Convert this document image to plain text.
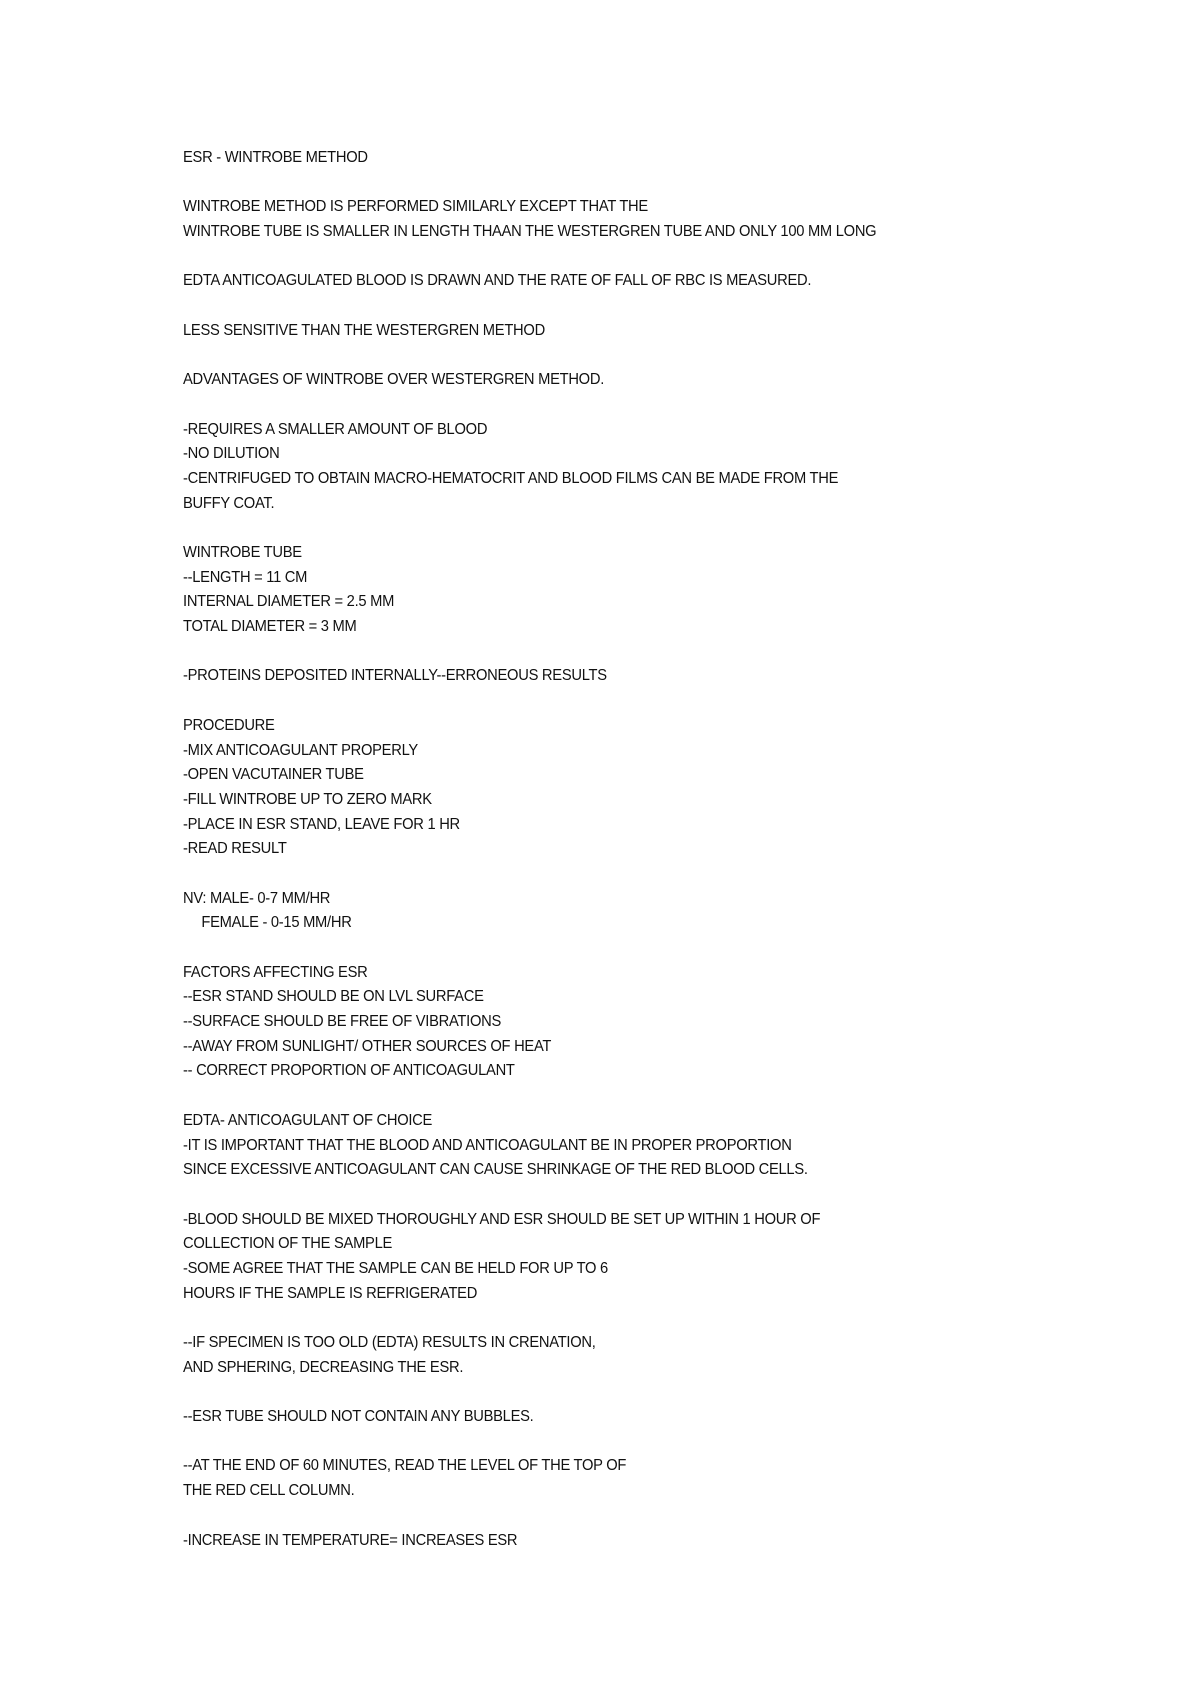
ESR - WINTROBE METHOD
WINTROBE METHOD IS PERFORMED SIMILARLY EXCEPT THAT THE
WINTROBE TUBE IS SMALLER IN LENGTH THAAN THE WESTERGREN TUBE AND ONLY 100 MM LONG
EDTA ANTICOAGULATED BLOOD IS DRAWN AND THE RATE OF FALL OF RBC IS MEASURED.
LESS SENSITIVE THAN THE WESTERGREN METHOD
ADVANTAGES OF WINTROBE OVER WESTERGREN METHOD.
-REQUIRES A SMALLER AMOUNT OF BLOOD
-NO DILUTION
-CENTRIFUGED TO OBTAIN MACRO-HEMATOCRIT AND BLOOD FILMS CAN BE MADE FROM THE
BUFFY COAT.
WINTROBE TUBE
--LENGTH = 11 CM
INTERNAL DIAMETER = 2.5 MM
TOTAL DIAMETER = 3 MM
-PROTEINS DEPOSITED INTERNALLY--ERRONEOUS RESULTS
PROCEDURE
-MIX ANTICOAGULANT PROPERLY
-OPEN VACUTAINER TUBE
-FILL WINTROBE UP TO ZERO MARK
-PLACE IN ESR STAND, LEAVE FOR 1 HR
-READ RESULT
NV: MALE- 0-7 MM/HR
FEMALE - 0-15 MM/HR
FACTORS AFFECTING ESR
--ESR STAND SHOULD BE ON LVL SURFACE
--SURFACE SHOULD BE FREE OF VIBRATIONS
--AWAY FROM SUNLIGHT/ OTHER SOURCES OF HEAT
-- CORRECT PROPORTION OF ANTICOAGULANT
EDTA- ANTICOAGULANT OF CHOICE
-IT IS IMPORTANT THAT THE BLOOD AND ANTICOAGULANT BE IN PROPER PROPORTION
SINCE EXCESSIVE ANTICOAGULANT CAN CAUSE SHRINKAGE OF THE RED BLOOD CELLS.
-BLOOD SHOULD BE MIXED THOROUGHLY AND ESR SHOULD BE SET UP WITHIN 1 HOUR OF
COLLECTION OF THE SAMPLE
-SOME AGREE THAT THE SAMPLE CAN BE HELD FOR UP TO 6
HOURS IF THE SAMPLE IS REFRIGERATED
--IF SPECIMEN IS TOO OLD (EDTA) RESULTS IN CRENATION,
AND SPHERING, DECREASING THE ESR.
--ESR TUBE SHOULD NOT CONTAIN ANY BUBBLES.
--AT THE END OF 60 MINUTES, READ THE LEVEL OF THE TOP OF
THE RED CELL COLUMN.
-INCREASE IN TEMPERATURE= INCREASES ESR
